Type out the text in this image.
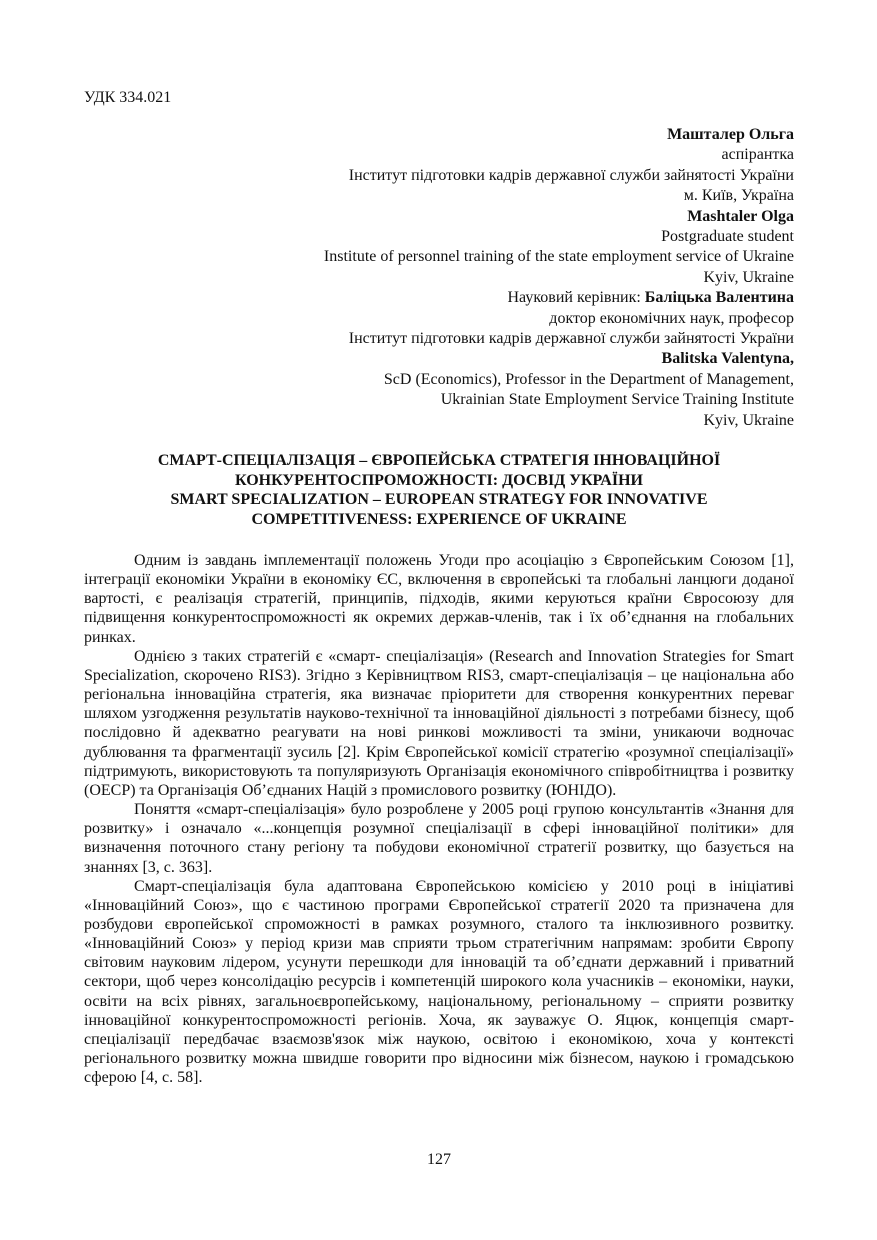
УДК 334.021
Машталер Ольга
аспірантка
Інститут підготовки кадрів державної служби зайнятості України
м. Київ, Україна
Mashtaler Olga
Postgraduate student
Institute of personnel training of the state employment service of Ukraine
Kyiv, Ukraine
Науковий керівник: Баліцька Валентина
доктор економічних наук, професор
Інститут підготовки кадрів державної служби зайнятості України
Balitska Valentyna,
ScD (Economics), Professor in the Department of Management,
Ukrainian State Employment Service Training Institute
Kyiv, Ukraine
СМАРТ-СПЕЦІАЛІЗАЦІЯ – ЄВРОПЕЙСЬКА СТРАТЕГІЯ ІННОВАЦІЙНОЇ
КОНКУРЕНТОСПРОМОЖНОСТІ: ДОСВІД УКРАЇНИ
SMART SPECIALIZATION – EUROPEAN STRATEGY FOR INNOVATIVE
COMPETITIVENESS: EXPERIENCE OF UKRAINE

Одним із завдань імплементації положень Угоди про асоціацію з Європейським Союзом [1], інтеграції економіки України в економіку ЄС, включення в європейські та глобальні ланцюги доданої вартості, є реалізація стратегій, принципів, підходів, якими керуються країни Євросоюзу для підвищення конкурентоспроможності як окремих держав-членів, так і їх об’єднання на глобальних ринках.

Однією з таких стратегій є «смарт- спеціалізація» (Research and Innovation Strategies for Smart Specialization, скорочено RIS3). Згідно з Керівництвом RIS3, смарт-спеціалізація – це національна або регіональна інноваційна стратегія, яка визначає пріоритети для створення конкурентних переваг шляхом узгодження результатів науково-технічної та інноваційної діяльності з потребами бізнесу, щоб послідовно й адекватно реагувати на нові ринкові можливості та зміни, уникаючи водночас дублювання та фрагментації зусиль [2]. Крім Європейської комісії стратегію «розумної спеціалізації» підтримують, використовують та популяризують Організація економічного співробітництва і розвитку (ОЕСР) та Організація Об’єднаних Націй з промислового розвитку (ЮНІДО).

Поняття «смарт-спеціалізація» було розроблене у 2005 році групою консультантів «Знання для розвитку» і означало «...концепція розумної спеціалізації в сфері інноваційної політики» для визначення поточного стану регіону та побудови економічної стратегії розвитку, що базується на знаннях [3, с. 363].

Смарт-спеціалізація була адаптована Європейською комісією у 2010 році в ініціативі «Інноваційний Союз», що є частиною програми Європейської стратегії 2020 та призначена для розбудови європейської спроможності в рамках розумного, сталого та інклюзивного розвитку. «Інноваційний Союз» у період кризи мав сприяти трьом стратегічним напрямам: зробити Європу світовим науковим лідером, усунути перешкоди для інновацій та об’єднати державний і приватний сектори, щоб через консолідацію ресурсів і компетенцій широкого кола учасників – економіки, науки, освіти на всіх рівнях, загальноєвропейському, національному, регіональному – сприяти розвитку інноваційної конкурентоспроможності регіонів. Хоча, як зауважує О. Яцюк, концепція смарт-спеціалізації передбачає взаємозв'язок між наукою, освітою і економікою, хоча у контексті регіонального розвитку можна швидше говорити про відносини між бізнесом, наукою і громадською сферою [4, с. 58].

127
